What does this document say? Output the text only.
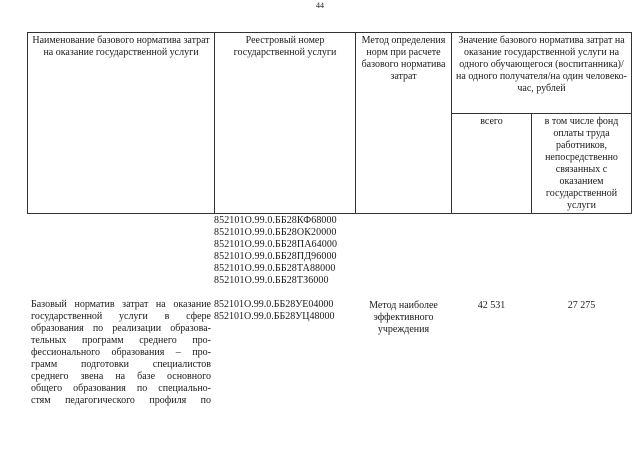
44
Наименование базового норматива затрат на оказание государственной услуги
Реестровый номер государственной услуги
Метод определения норм при расчете базового норматива затрат
Значение базового норматива затрат на оказание государственной услуги на одного обучающегося (воспитанника)/на одного получателя/на один человеко-час, рублей
всего	в том числе фонд оплаты труда работников, непосредственно связанных с оказанием государственной услуги
852101О.99.0.ББ28КФ68000
852101О.99.0.ББ28ОК20000
852101О.99.0.ББ28ПА64000
852101О.99.0.ББ28ПД96000
852101О.99.0.ББ28ТА88000
852101О.99.0.ББ28ТЗ6000
Базовый норматив затрат на оказание
государственной услуги в сфере
образования по реализации образова-
тельных программ среднего про-
фессионального образования – про-
грамм подготовки специалистов
среднего звена на базе основного
общего образования по специально-
стям педагогического профиля по
852101О.99.0.ББ28УЕ04000
852101О.99.0.ББ28УЦ48000
Метод наиболее эффективного учреждения
42 531	27 275
